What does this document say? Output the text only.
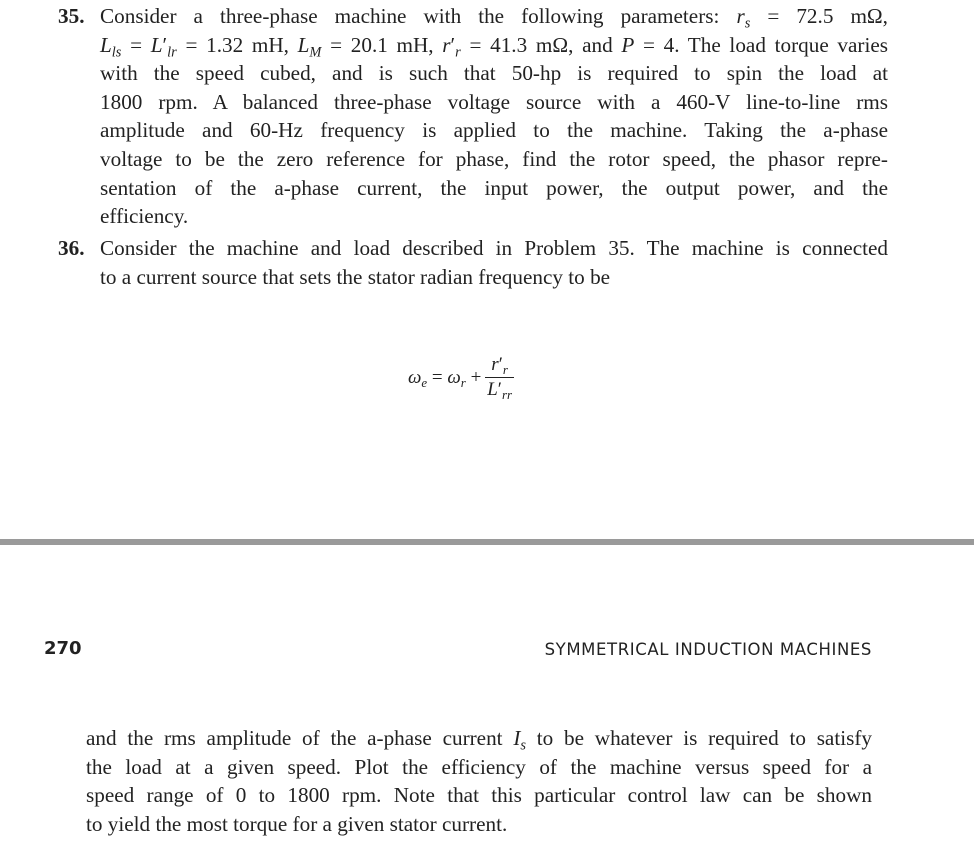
35. Consider a three-phase machine with the following parameters: $r_s = 72.5$ mΩ,
$L_{ls} = L'_{lr} = 1.32$ mH, $L_M = 20.1$ mH, $r'_r = 41.3$ mΩ, and P = 4. The load torque varies
with the speed cubed, and is such that 50-hp is required to spin the load at
1800 rpm. A balanced three-phase voltage source with a 460-V line-to-line rms
amplitude and 60-Hz frequency is applied to the machine. Taking the a-phase
voltage to be the zero reference for phase, find the rotor speed, the phasor repre-
sentation of the a-phase current, the input power, the output power, and the
efficiency.
36. Consider the machine and load described in Problem 35. The machine is connected
to a current source that sets the stator radian frequency to be
$\omega_e = \omega_r + \frac{r'_r}{L'_{rr}}$
270	SYMMETRICAL INDUCTION MACHINES
and the rms amplitude of the a-phase current $I_s$ to be whatever is required to satisfy
the load at a given speed. Plot the efficiency of the machine versus speed for a
speed range of 0 to 1800 rpm. Note that this particular control law can be shown
to yield the most torque for a given stator current.
